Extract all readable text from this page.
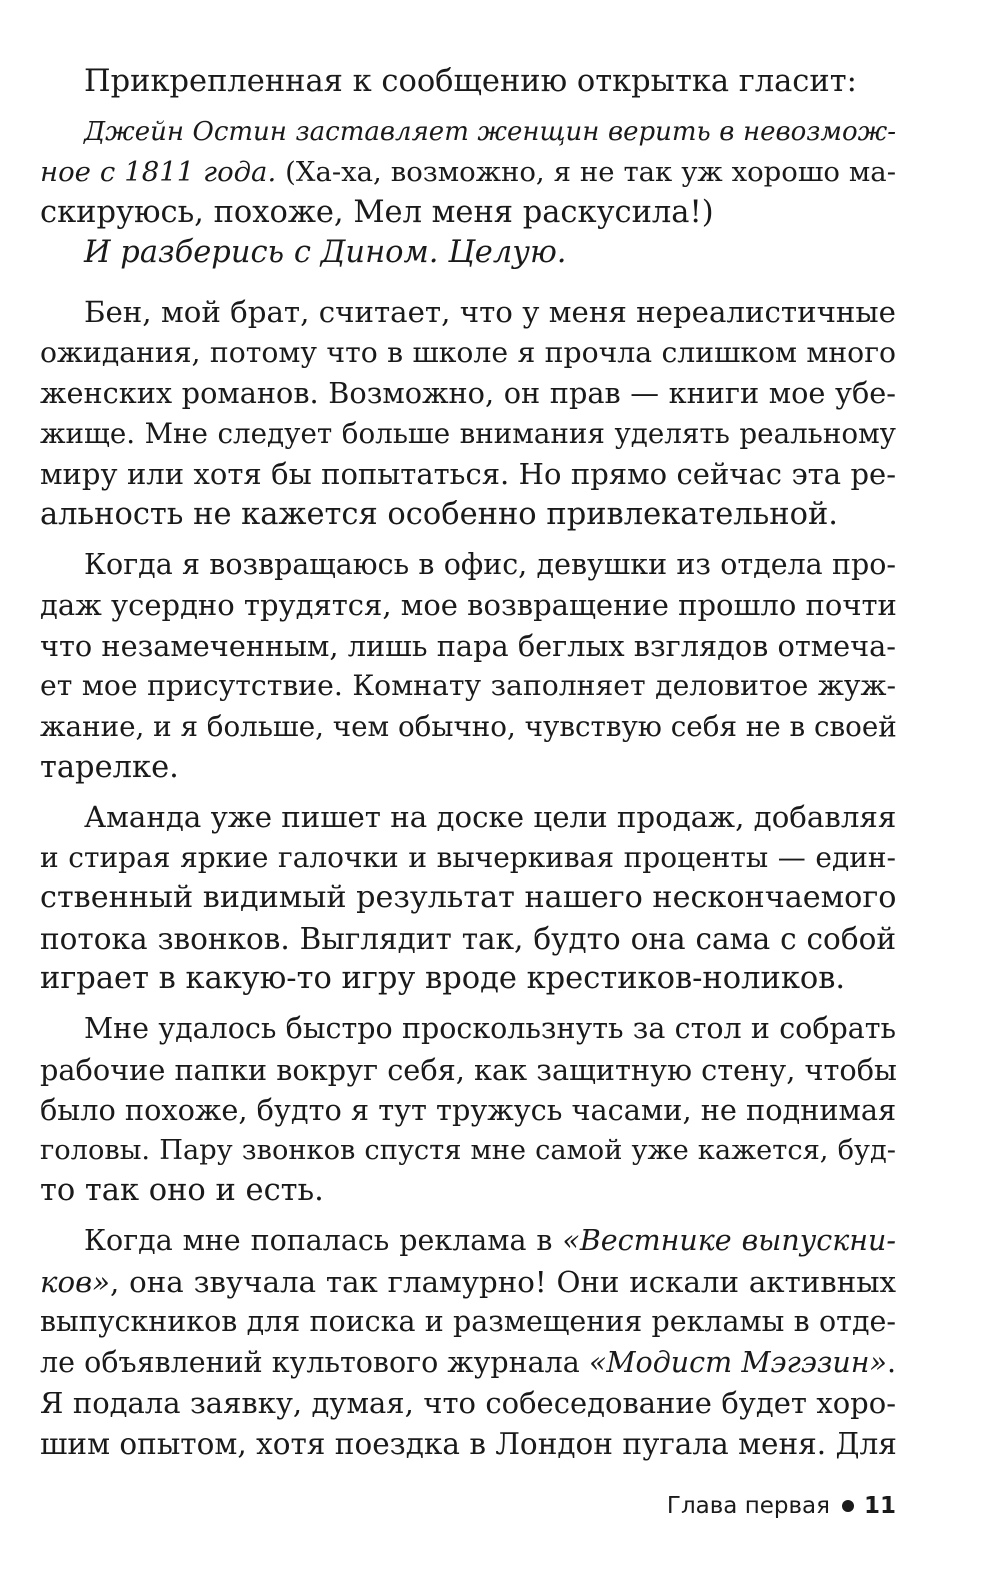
Прикрепленная к сообщению открытка гласит:
Джейн Остин заставляет женщин верить в невозмож-
ное с 1811 года. (Ха-ха, возможно, я не так уж хорошо ма-
скируюсь, похоже, Мел меня раскусила!)
И разберись с Дином. Целую.
Бен, мой брат, считает, что у меня нереалистичные
ожидания, потому что в школе я прочла слишком много
женских романов. Возможно, он прав — книги мое убе-
жище. Мне следует больше внимания уделять реальному
миру или хотя бы попытаться. Но прямо сейчас эта ре-
альность не кажется особенно привлекательной.
Когда я возвращаюсь в офис, девушки из отдела про-
даж усердно трудятся, мое возвращение прошло почти
что незамеченным, лишь пара беглых взглядов отмеча-
ет мое присутствие. Комнату заполняет деловитое жуж-
жание, и я больше, чем обычно, чувствую себя не в своей
тарелке.
Аманда уже пишет на доске цели продаж, добавляя
и стирая яркие галочки и вычеркивая проценты — един-
ственный видимый результат нашего нескончаемого
потока звонков. Выглядит так, будто она сама с собой
играет в какую-то игру вроде крестиков-ноликов.
Мне удалось быстро проскользнуть за стол и собрать
рабочие папки вокруг себя, как защитную стену, чтобы
было похоже, будто я тут тружусь часами, не поднимая
головы. Пару звонков спустя мне самой уже кажется, буд-
то так оно и есть.
Когда мне попалась реклама в «Вестнике выпускни-
ков», она звучала так гламурно! Они искали активных
выпускников для поиска и размещения рекламы в отде-
ле объявлений культового журнала «Модист Мэгэзин».
Я подала заявку, думая, что собеседование будет хоро-
шим опытом, хотя поездка в Лондон пугала меня. Для
Глава первая 11
